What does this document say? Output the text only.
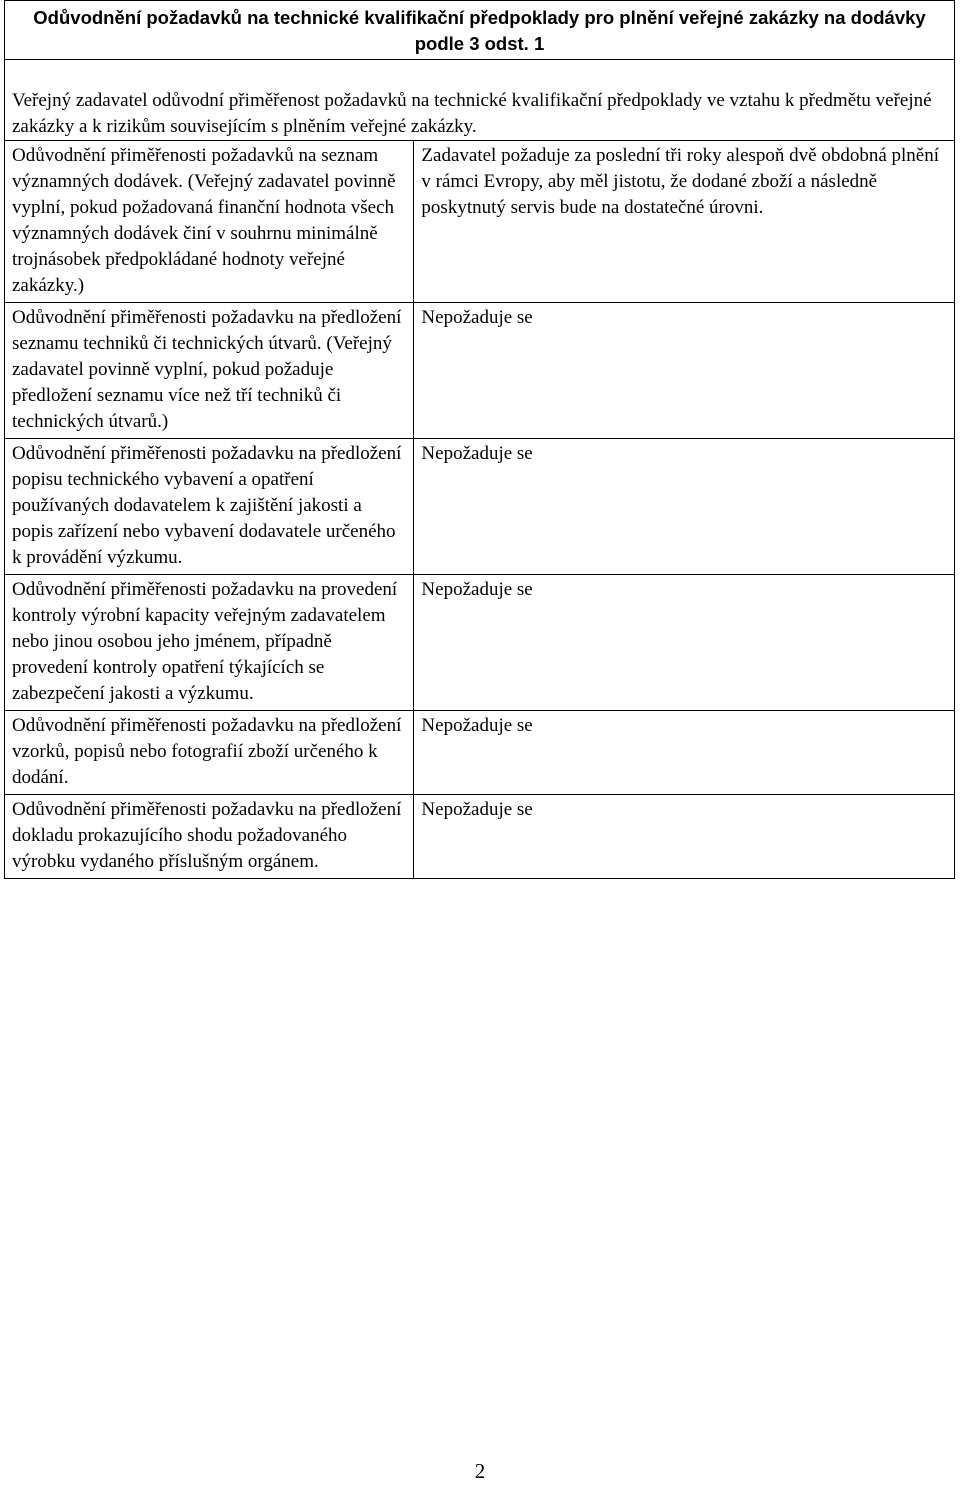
Odůvodnění požadavků na technické kvalifikační předpoklady pro plnění veřejné zakázky na dodávky podle 3 odst. 1	

Veřejný zadavatel odůvodní přiměřenost požadavků na technické kvalifikační předpoklady ve vztahu k předmětu veřejné zakázky a k rizikům souvisejícím s plněním veřejné zakázky.	

Odůvodnění přiměřenosti požadavků na seznam významných dodávek. (Veřejný zadavatel povinně vyplní, pokud požadovaná finanční hodnota všech významných dodávek činí v souhrnu minimálně trojnásobek předpokládané hodnoty veřejné zakázky.)	Zadavatel požaduje za poslední tři roky alespoň dvě obdobná plnění v rámci Evropy, aby měl jistotu, že dodané zboží a následně poskytnutý servis bude na dostatečné úrovni.
Odůvodnění přiměřenosti požadavku na předložení seznamu techniků či technických útvarů. (Veřejný zadavatel povinně vyplní, pokud požaduje předložení seznamu více než tří techniků či technických útvarů.)	Nepožaduje se
Odůvodnění přiměřenosti požadavku na předložení popisu technického vybavení a opatření používaných dodavatelem k zajištění jakosti a popis zařízení nebo vybavení dodavatele určeného k provádění výzkumu.	Nepožaduje se
Odůvodnění přiměřenosti požadavku na provedení kontroly výrobní kapacity veřejným zadavatelem nebo jinou osobou jeho jménem, případně provedení kontroly opatření týkajících se zabezpečení jakosti a výzkumu.	Nepožaduje se
Odůvodnění přiměřenosti požadavku na předložení vzorků, popisů nebo fotografií zboží určeného k dodání.	Nepožaduje se
Odůvodnění přiměřenosti požadavku na předložení dokladu prokazujícího shodu požadovaného výrobku vydaného příslušným orgánem.	Nepožaduje se
2
